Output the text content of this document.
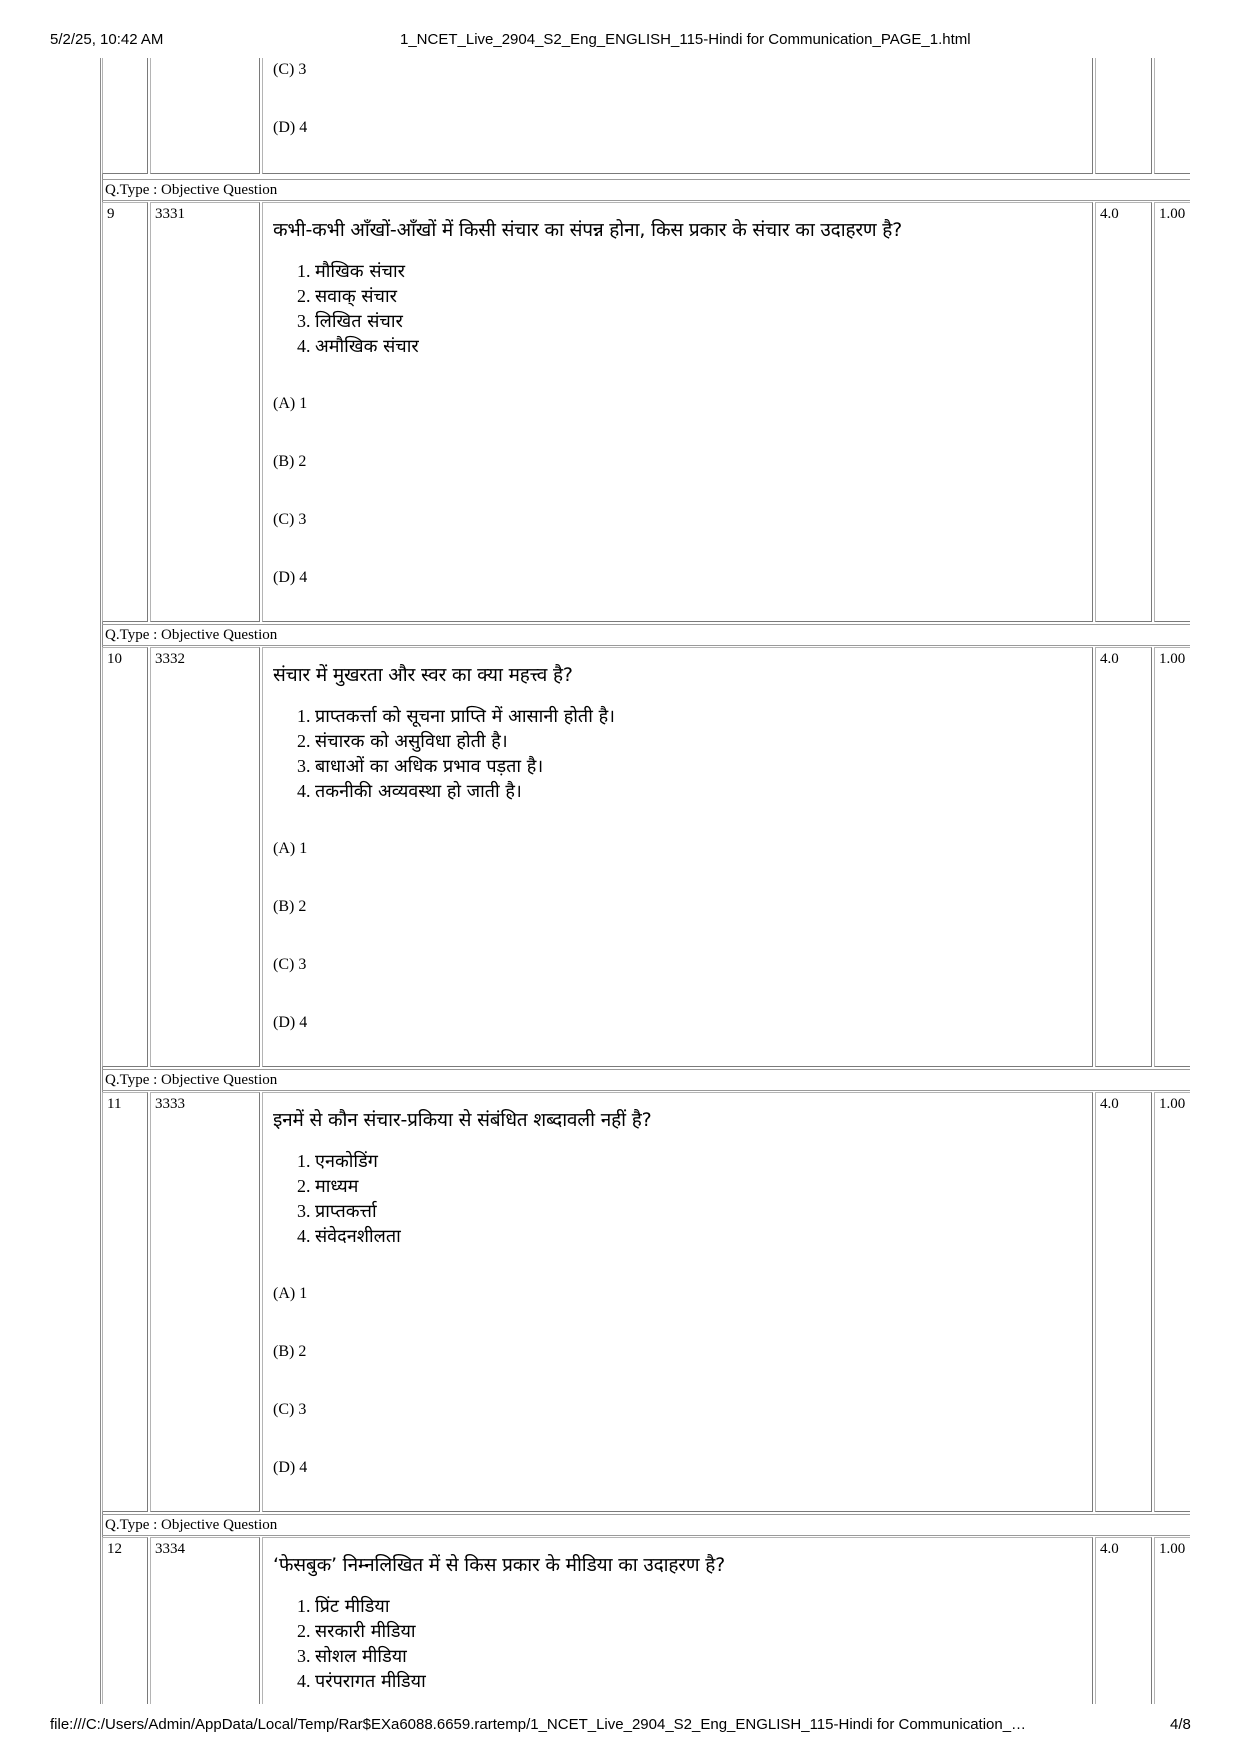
5/2/25, 10:42 AM	1_NCET_Live_2904_S2_Eng_ENGLISH_115-Hindi for Communication_PAGE_1.html
(C) 3
(D) 4
Q.Type : Objective Question
9	3331
कभी-कभी आँखों-आँखों में किसी संचार का संपन्न होना, किस प्रकार के संचार का उदाहरण है?
1. मौखिक संचार
2. सवाक् संचार
3. लिखित संचार
4. अमौखिक संचार
(A) 1
(B) 2
(C) 3
(D) 4
4.0	1.00
Q.Type : Objective Question
10	3332
संचार में मुखरता और स्वर का क्या महत्त्व है?
1. प्राप्तकर्त्ता को सूचना प्राप्ति में आसानी होती है।
2. संचारक को असुविधा होती है।
3. बाधाओं का अधिक प्रभाव पड़ता है।
4. तकनीकी अव्यवस्था हो जाती है।
(A) 1
(B) 2
(C) 3
(D) 4
4.0	1.00
Q.Type : Objective Question
11	3333
इनमें से कौन संचार-प्रकिया से संबंधित शब्दावली नहीं है?
1. एनकोडिंग
2. माध्यम
3. प्राप्तकर्त्ता
4. संवेदनशीलता
(A) 1
(B) 2
(C) 3
(D) 4
4.0	1.00
Q.Type : Objective Question
12	3334
‘फेसबुक’ निम्नलिखित में से किस प्रकार के मीडिया का उदाहरण है?
1. प्रिंट मीडिया
2. सरकारी मीडिया
3. सोशल मीडिया
4. परंपरागत मीडिया
4.0	1.00
file:///C:/Users/Admin/AppData/Local/Temp/Rar$EXa6088.6659.rartemp/1_NCET_Live_2904_S2_Eng_ENGLISH_115-Hindi for Communication_…	4/8
